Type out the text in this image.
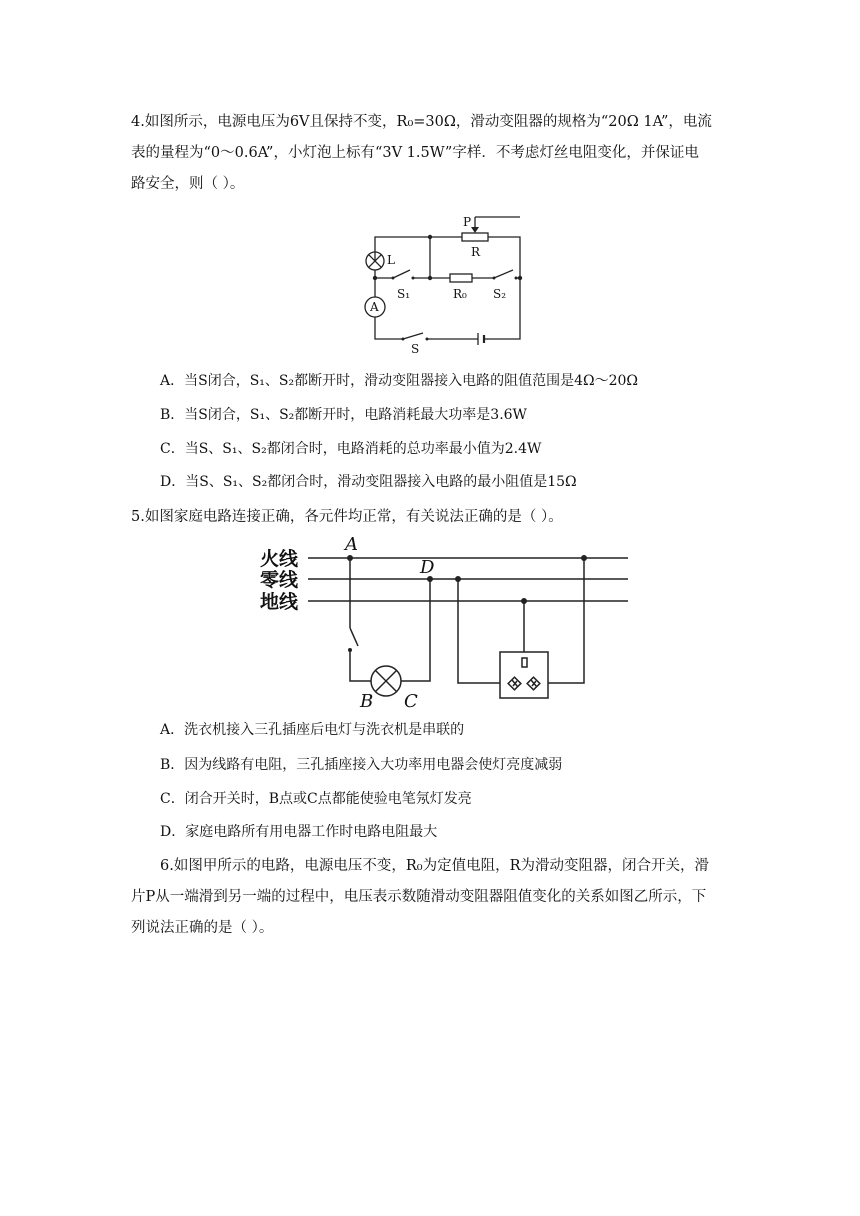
4.如图所示，电源电压为6V且保持不变，R₀=30Ω，滑动变阻器的规格为“20Ω 1A”，电流
表的量程为“0～0.6A”，小灯泡上标有“3V 1.5W”字样．不考虑灯丝电阻变化，并保证电
路安全，则（ ）。
P
R
L
S₁	R₀ S₂
A
S
A．当S闭合，S₁、S₂都断开时，滑动变阻器接入电路的阻值范围是4Ω～20Ω
B．当S闭合，S₁、S₂都断开时，电路消耗最大功率是3.6W
C．当S、S₁、S₂都闭合时，电路消耗的总功率最小值为2.4W
D．当S、S₁、S₂都闭合时，滑动变阻器接入电路的最小阻值是15Ω
5.如图家庭电路连接正确，各元件均正常，有关说法正确的是（ ）。
火线
零线
地线
A
D
B C
A．洗衣机接入三孔插座后电灯与洗衣机是串联的
B．因为线路有电阻，三孔插座接入大功率用电器会使灯亮度减弱
C．闭合开关时，B点或C点都能使验电笔氖灯发亮
D．家庭电路所有用电器工作时电路电阻最大
6.如图甲所示的电路，电源电压不变，R₀为定值电阻，R为滑动变阻器，闭合开关，滑
片P从一端滑到另一端的过程中，电压表示数随滑动变阻器阻值变化的关系如图乙所示，下
列说法正确的是（ ）。
